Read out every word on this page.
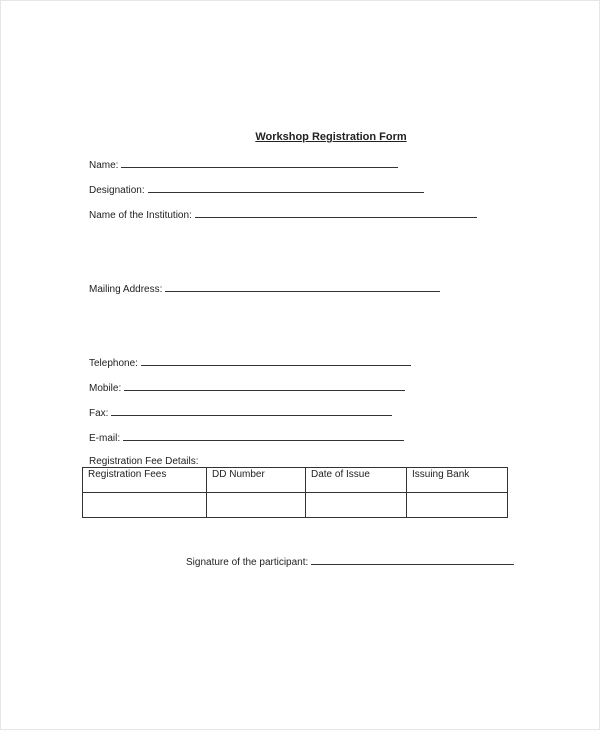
Workshop Registration Form
Name:
Designation:
Name of the Institution:
Mailing Address:
Telephone:
Mobile:
Fax:
E-mail:
Registration Fee Details:
Registration Fees	DD Number	Date of Issue	Issuing Bank

Signature of the participant:
